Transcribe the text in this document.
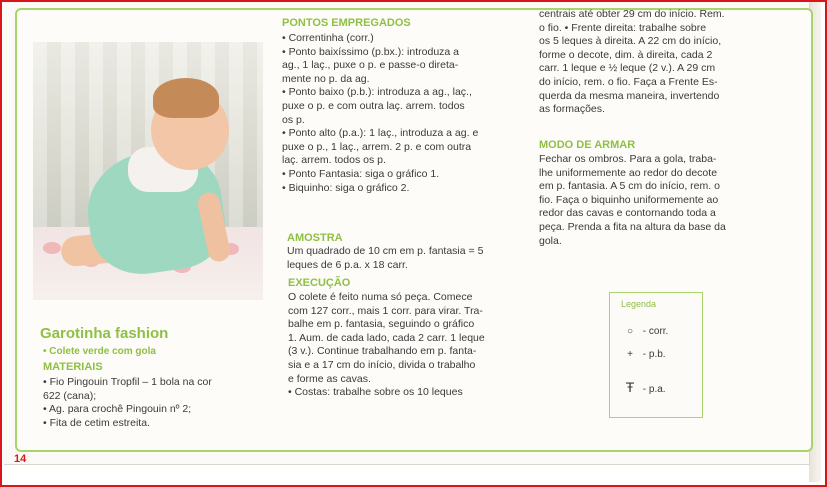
Garotinha fashion
• Colete verde com gola
MATERIAIS
• Fio Pingouin Tropfil – 1 bola na cor
622 (cana);
• Ag. para crochê Pingouin nº 2;
• Fita de cetim estreita.
PONTOS EMPREGADOS
• Correntinha (corr.)
• Ponto baixíssimo (p.bx.): introduza a
ag., 1 laç., puxe o p. e passe-o direta-
mente no p. da ag.
• Ponto baixo (p.b.): introduza a ag., laç.,
puxe o p. e com outra laç. arrem. todos
os p.
• Ponto alto (p.a.): 1 laç., introduza a ag. e
puxe o p., 1 laç., arrem. 2 p. e com outra
laç. arrem. todos os p.
• Ponto Fantasia: siga o gráfico 1.
• Biquinho: siga o gráfico 2.
AMOSTRA
Um quadrado de 10 cm em p. fantasia = 5
leques de 6 p.a. x 18 carr.
EXECUÇÃO
O colete é feito numa só peça. Comece
com 127 corr., mais 1 corr. para virar. Tra-
balhe em p. fantasia, seguindo o gráfico
1. Aum. de cada lado, cada 2 carr. 1 leque
(3 v.). Continue trabalhando em p. fanta-
sia e a 17 cm do início, divida o trabalho
e forme as cavas.
• Costas: trabalhe sobre os 10 leques
centrais até obter 29 cm do início. Rem.
o fio. • Frente direita: trabalhe sobre
os 5 leques à direita. A 22 cm do início,
forme o decote, dim. à direita, cada 2
carr. 1 leque e ½ leque (2 v.). A 29 cm
do início, rem. o fio. Faça a Frente Es-
querda da mesma maneira, invertendo
as formações.
MODO DE ARMAR
Fechar os ombros. Para a gola, traba-
lhe uniformemente ao redor do decote
em p. fantasia. A 5 cm do início, rem. o
fio. Faça o biquinho uniformemente ao
redor das cavas e contornando toda a
peça. Prenda a fita na altura da base da
gola.
Legenda
○ - corr.
+ - p.b.
Ŧ - p.a.
14
